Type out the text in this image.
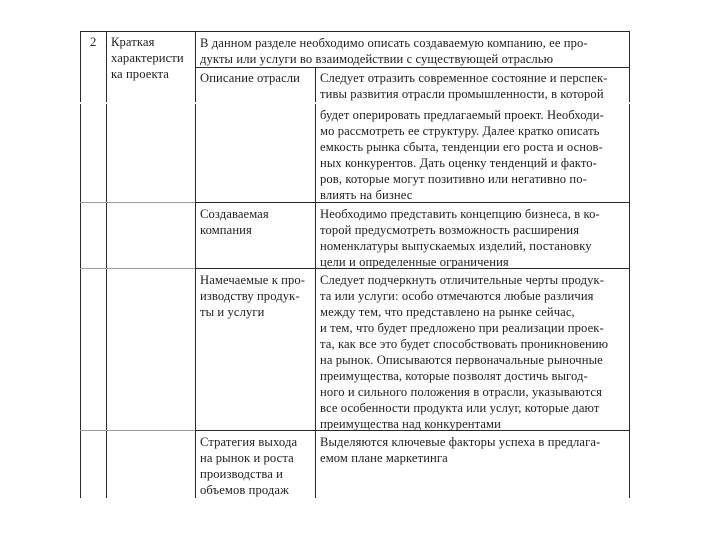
2 Краткая
характеристи
ка проекта
В данном разделе необходимо описать создаваемую компанию, ее про-
дукты или услуги во взаимодействии с существующей отраслью
Описание отрасли Следует отразить современное состояние и перспек-
тивы развития отрасли промышленности, в которой
будет оперировать предлагаемый проект. Необходи-
мо рассмотреть ее структуру. Далее кратко описать
емкость рынка сбыта, тенденции его роста и основ-
ных конкурентов. Дать оценку тенденций и факто-
ров, которые могут позитивно или негативно по-
влиять на бизнес
Создаваемая
компания
Необходимо представить концепцию бизнеса, в ко-
торой предусмотреть возможность расширения
номенклатуры выпускаемых изделий, постановку
цели и определенные ограничения
Намечаемые к про-
изводству продук-
ты и услуги
Следует подчеркнуть отличительные черты продук-
та или услуги: особо отмечаются любые различия
между тем, что представлено на рынке сейчас,
и тем, что будет предложено при реализации проек-
та, как все это будет способствовать проникновению
на рынок. Описываются первоначальные рыночные
преимущества, которые позволят достичь выгод-
ного и сильного положения в отрасли, указываются
все особенности продукта или услуг, которые дают
преимущества над конкурентами
Стратегия выхода
на рынок и роста
производства и
объемов продаж
Выделяются ключевые факторы успеха в предлага-
емом плане маркетинга
